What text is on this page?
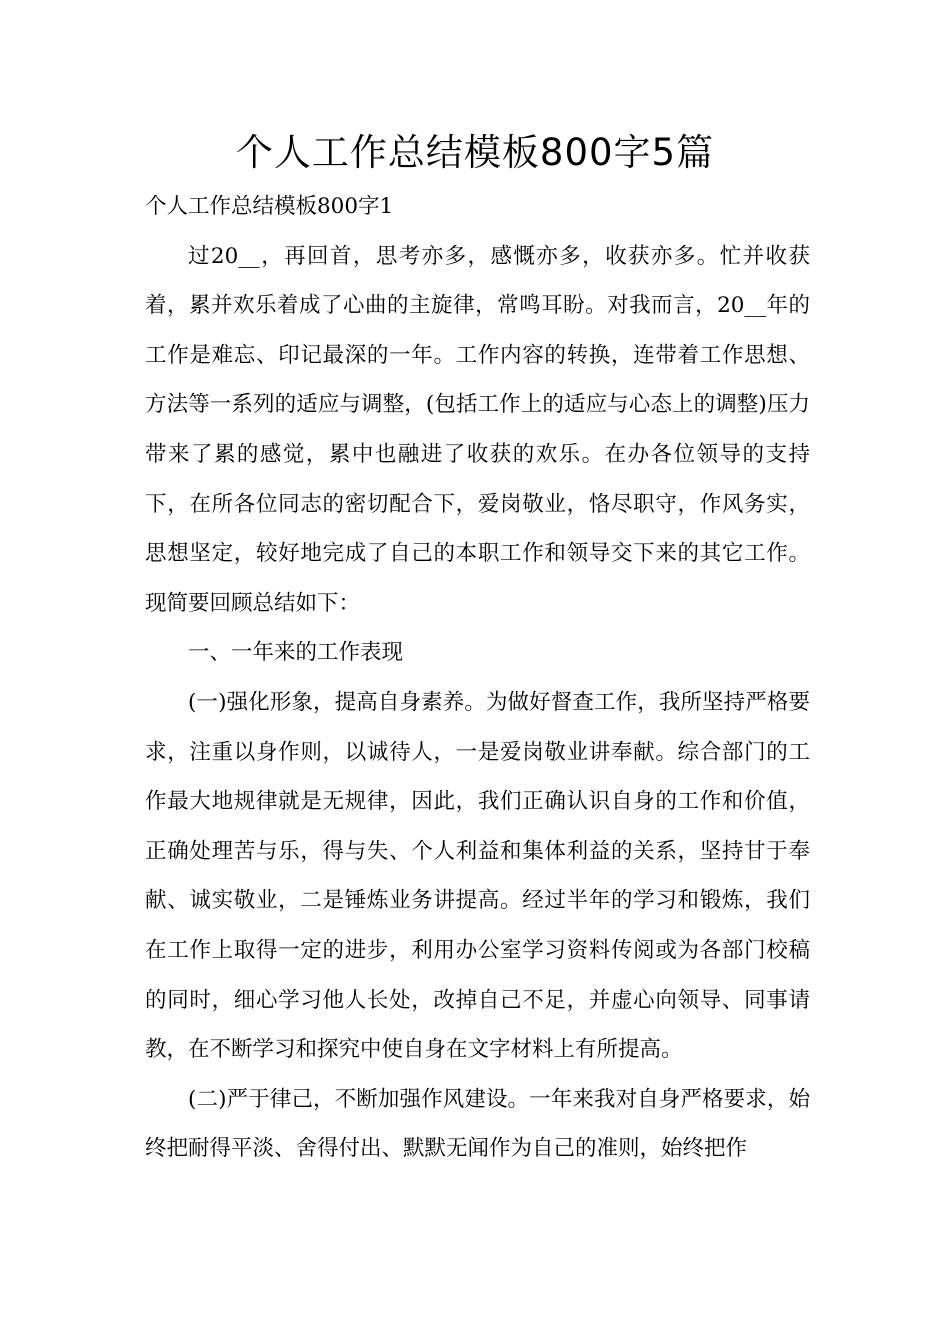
个人工作总结模板800字5篇

个人工作总结模板800字1

过20__，再回首，思考亦多，感慨亦多，收获亦多。忙并收获着，累并欢乐着成了心曲的主旋律，常鸣耳盼。对我而言，20__年的工作是难忘、印记最深的一年。工作内容的转换，连带着工作思想、方法等一系列的适应与调整，(包括工作上的适应与心态上的调整)压力带来了累的感觉，累中也融进了收获的欢乐。在办各位领导的支持下，在所各位同志的密切配合下，爱岗敬业，恪尽职守，作风务实，思想坚定，较好地完成了自己的本职工作和领导交下来的其它工作。现简要回顾总结如下：

一、一年来的工作表现

(一)强化形象，提高自身素养。为做好督查工作，我所坚持严格要求，注重以身作则，以诚待人，一是爱岗敬业讲奉献。综合部门的工作最大地规律就是无规律，因此，我们正确认识自身的工作和价值，正确处理苦与乐，得与失、个人利益和集体利益的关系，坚持甘于奉献、诚实敬业，二是锤炼业务讲提高。经过半年的学习和锻炼，我们在工作上取得一定的进步，利用办公室学习资料传阅或为各部门校稿的同时，细心学习他人长处，改掉自己不足，并虚心向领导、同事请教，在不断学习和探究中使自身在文字材料上有所提高。

(二)严于律己，不断加强作风建设。一年来我对自身严格要求，始终把耐得平淡、舍得付出、默默无闻作为自己的准则，始终把作
